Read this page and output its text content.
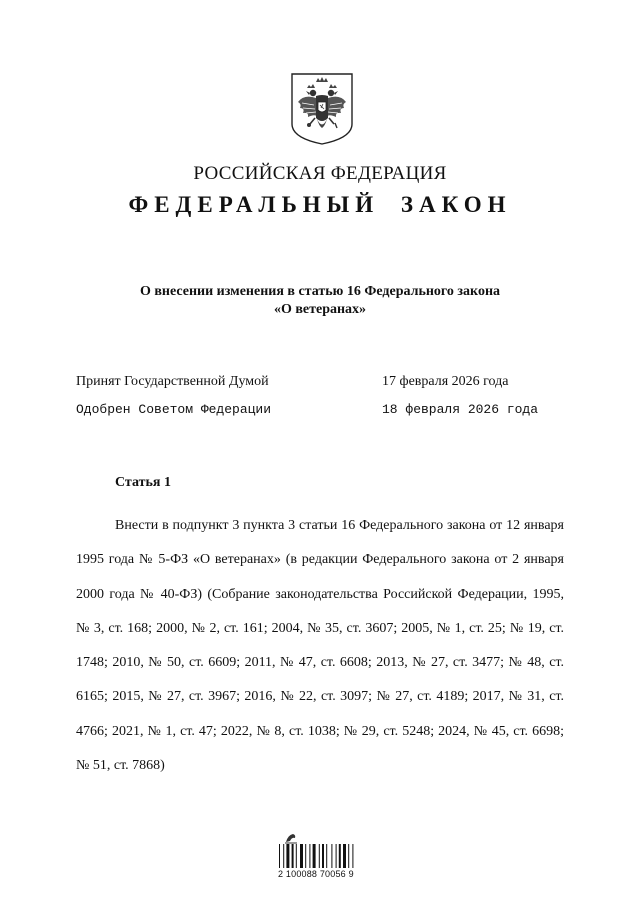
РОССИЙСКАЯ ФЕДЕРАЦИЯ
ФЕДЕРАЛЬНЫЙ ЗАКОН
О внесении изменения в статью 16 Федерального закона
«О ветеранах»
Принят Государственной Думой	17 февраля 2026 года
Одобрен Советом Федерации	18 февраля 2026 года
Статья 1

Внести в подпункт 3 пункта 3 статьи 16 Федерального закона от 12 января 1995 года № 5-ФЗ «О ветеранах» (в редакции Федерального закона от 2 января 2000 года № 40-ФЗ) (Собрание законодательства Российской Федерации, 1995, № 3, ст. 168; 2000, № 2, ст. 161; 2004, № 35, ст. 3607; 2005, № 1, ст. 25; № 19, ст. 1748; 2010, № 50, ст. 6609; 2011, № 47, ст. 6608; 2013, № 27, ст. 3477; № 48, ст. 6165; 2015, № 27, ст. 3967; 2016, № 22, ст. 3097; № 27, ст. 4189; 2017, № 31, ст. 4766; 2021, № 1, ст. 47; 2022, № 8, ст. 1038; № 29, ст. 5248; 2024, № 45, ст. 6698; № 51, ст. 7868)

2 100088 70056 9
